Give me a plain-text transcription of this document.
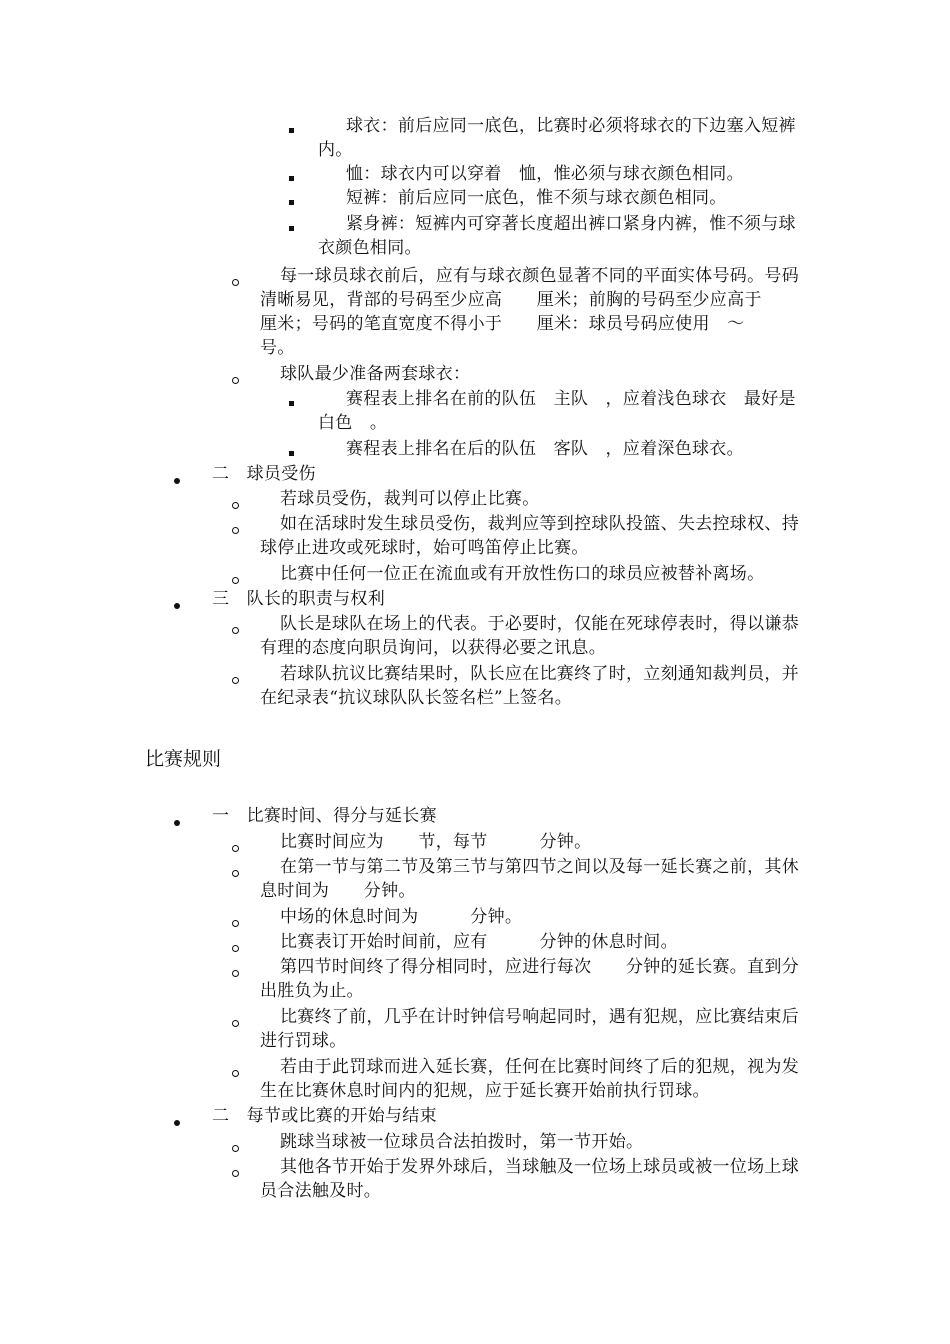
球衣：前后应同一底色，比赛时必须将球衣的下边塞入短裤内。
恤：球衣内可以穿着　恤，惟必须与球衣颜色相同。
短裤：前后应同一底色，惟不须与球衣颜色相同。
紧身裤：短裤内可穿著长度超出裤口紧身内裤，惟不须与球衣颜色相同。
每一球员球衣前后，应有与球衣颜色显著不同的平面实体号码。号码清晰易见，背部的号码至少应高　　厘米；前胸的号码至少应高于　　厘米；号码的笔直宽度不得小于　　厘米：球员号码应使用　～　　号。
球队最少准备两套球衣：
赛程表上排名在前的队伍　主队　，应着浅色球衣　最好是白色　。
赛程表上排名在后的队伍　客队　，应着深色球衣。
二　球员受伤
若球员受伤，裁判可以停止比赛。
如在活球时发生球员受伤，裁判应等到控球队投篮、失去控球权、持球停止进攻或死球时，始可鸣笛停止比赛。
比赛中任何一位正在流血或有开放性伤口的球员应被替补离场。
三　队长的职责与权利
队长是球队在场上的代表。于必要时，仅能在死球停表时，得以谦恭有理的态度向职员询问，以获得必要之讯息。
若球队抗议比赛结果时，队长应在比赛终了时，立刻通知裁判员，并在纪录表“抗议球队队长签名栏”上签名。
比赛规则
一　比赛时间、得分与延长赛
比赛时间应为　　节，每节　　　分钟。
在第一节与第二节及第三节与第四节之间以及每一延长赛之前，其休息时间为　　分钟。
中场的休息时间为　　　分钟。
比赛表订开始时间前，应有　　　分钟的休息时间。
第四节时间终了得分相同时，应进行每次　　分钟的延长赛。直到分出胜负为止。
比赛终了前，几乎在计时钟信号响起同时，遇有犯规，应比赛结束后进行罚球。
若由于此罚球而进入延长赛，任何在比赛时间终了后的犯规，视为发生在比赛休息时间内的犯规，应于延长赛开始前执行罚球。
二　每节或比赛的开始与结束
跳球当球被一位球员合法拍拨时，第一节开始。
其他各节开始于发界外球后，当球触及一位场上球员或被一位场上球员合法触及时。
